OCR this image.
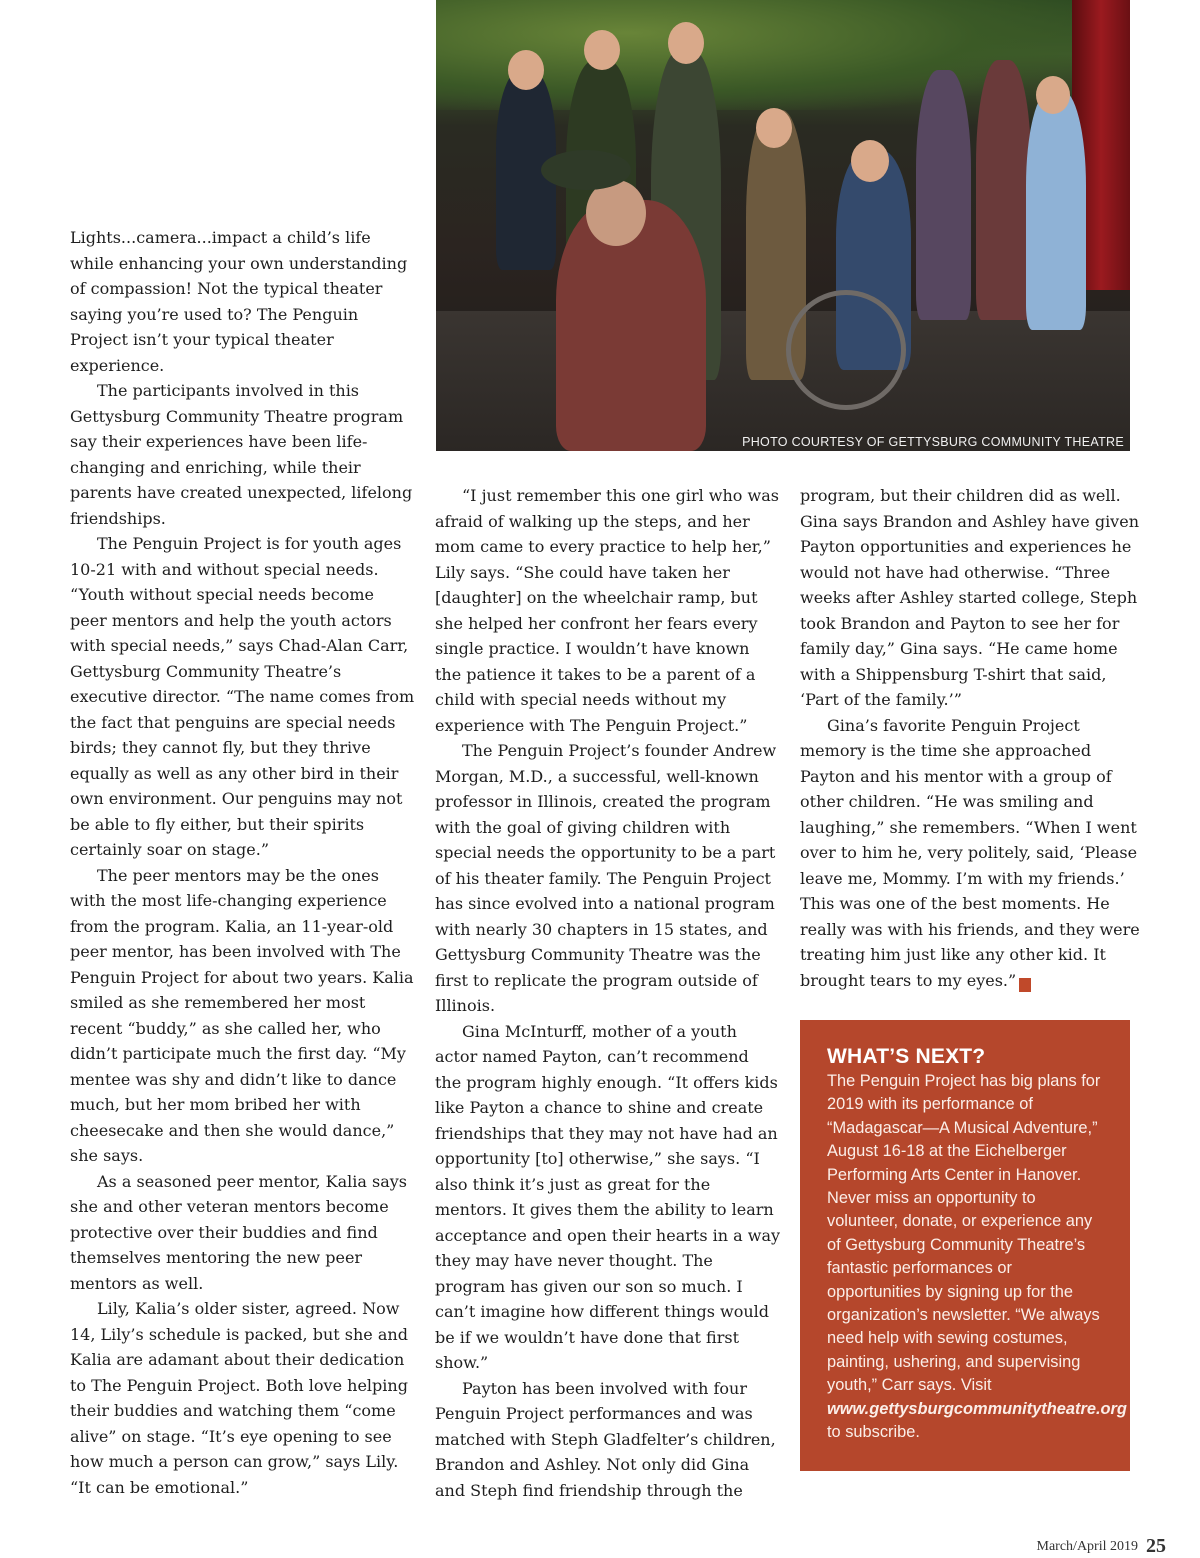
PHOTO COURTESY OF GETTYSBURG COMMUNITY THEATRE

Lights...camera...impact a child’s life while enhancing your own understanding of compassion! Not the typical theater saying you’re used to? The Penguin Project isn’t your typical theater experience.

The participants involved in this Gettysburg Community Theatre program say their experiences have been life-changing and enriching, while their parents have created unexpected, lifelong friendships.

The Penguin Project is for youth ages 10-21 with and without special needs. “Youth without special needs become peer mentors and help the youth actors with special needs,” says Chad-Alan Carr, Gettysburg Community Theatre’s executive director. “The name comes from the fact that penguins are special needs birds; they cannot fly, but they thrive equally as well as any other bird in their own environment. Our penguins may not be able to fly either, but their spirits certainly soar on stage.”

The peer mentors may be the ones with the most life-changing experience from the program. Kalia, an 11-year-old peer mentor, has been involved with The Penguin Project for about two years. Kalia smiled as she remembered her most recent “buddy,” as she called her, who didn’t participate much the first day. “My mentee was shy and didn’t like to dance much, but her mom bribed her with cheesecake and then she would dance,” she says.

As a seasoned peer mentor, Kalia says she and other veteran mentors become protective over their buddies and find themselves mentoring the new peer mentors as well.

Lily, Kalia’s older sister, agreed. Now 14, Lily’s schedule is packed, but she and Kalia are adamant about their dedication to The Penguin Project. Both love helping their buddies and watching them “come alive” on stage. “It’s eye opening to see how much a person can grow,” says Lily. “It can be emotional.”

“I just remember this one girl who was afraid of walking up the steps, and her mom came to every practice to help her,” Lily says. “She could have taken her [daughter] on the wheelchair ramp, but she helped her confront her fears every single practice. I wouldn’t have known the patience it takes to be a parent of a child with special needs without my experience with The Penguin Project.”

The Penguin Project’s founder Andrew Morgan, M.D., a successful, well-known professor in Illinois, created the program with the goal of giving children with special needs the opportunity to be a part of his theater family. The Penguin Project has since evolved into a national program with nearly 30 chapters in 15 states, and Gettysburg Community Theatre was the first to replicate the program outside of Illinois.

Gina McInturff, mother of a youth actor named Payton, can’t recommend the program highly enough. “It offers kids like Payton a chance to shine and create friendships that they may not have had an opportunity [to] otherwise,” she says. “I also think it’s just as great for the mentors. It gives them the ability to learn acceptance and open their hearts in a way they may have never thought. The program has given our son so much. I can’t imagine how different things would be if we wouldn’t have done that first show.”

Payton has been involved with four Penguin Project performances and was matched with Steph Gladfelter’s children, Brandon and Ashley. Not only did Gina and Steph find friendship through the

program, but their children did as well. Gina says Brandon and Ashley have given Payton opportunities and experiences he would not have had otherwise. “Three weeks after Ashley started college, Steph took Brandon and Payton to see her for family day,” Gina says. “He came home with a Shippensburg T-shirt that said, ‘Part of the family.’”

Gina’s favorite Penguin Project memory is the time she approached Payton and his mentor with a group of other children. “He was smiling and laughing,” she remembers. “When I went over to him he, very politely, said, ‘Please leave me, Mommy. I’m with my friends.’ This was one of the best moments. He really was with his friends, and they were treating him just like any other kid. It brought tears to my eyes.”	G

WHAT’S NEXT?

The Penguin Project has big plans for 2019 with its performance of “Madagascar—A Musical Adventure,” August 16-18 at the Eichelberger Performing Arts Center in Hanover. Never miss an opportunity to volunteer, donate, or experience any of Gettysburg Community Theatre’s fantastic performances or opportunities by signing up for the organization’s newsletter. “We always need help with sewing costumes, painting, ushering, and supervising youth,” Carr says. Visit www.gettysburgcommunitytheatre.org to subscribe.

March/April 2019 25
